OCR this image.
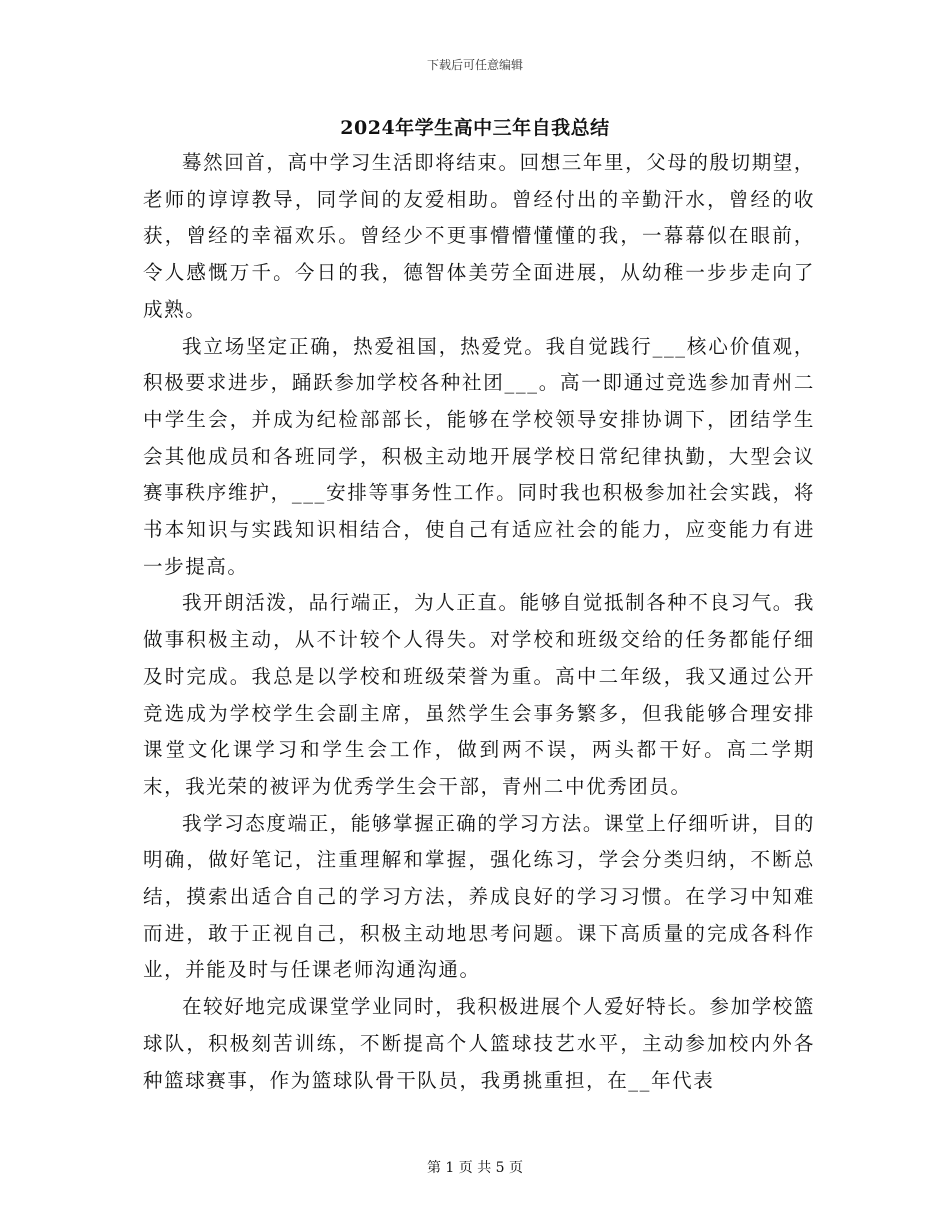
下载后可任意编辑
2024年学生高中三年自我总结

蓦然回首，高中学习生活即将结束。回想三年里，父母的殷切期望，老师的谆谆教导，同学间的友爱相助。曾经付出的辛勤汗水，曾经的收获，曾经的幸福欢乐。曾经少不更事懵懵懂懂的我，一幕幕似在眼前，令人感慨万千。今日的我，德智体美劳全面进展，从幼稚一步步走向了成熟。

我立场坚定正确，热爱祖国，热爱党。我自觉践行___核心价值观，积极要求进步，踊跃参加学校各种社团___。高一即通过竞选参加青州二中学生会，并成为纪检部部长，能够在学校领导安排协调下，团结学生会其他成员和各班同学，积极主动地开展学校日常纪律执勤，大型会议赛事秩序维护，___安排等事务性工作。同时我也积极参加社会实践，将书本知识与实践知识相结合，使自己有适应社会的能力，应变能力有进一步提高。

我开朗活泼，品行端正，为人正直。能够自觉抵制各种不良习气。我做事积极主动，从不计较个人得失。对学校和班级交给的任务都能仔细及时完成。我总是以学校和班级荣誉为重。高中二年级，我又通过公开竞选成为学校学生会副主席，虽然学生会事务繁多，但我能够合理安排课堂文化课学习和学生会工作，做到两不误，两头都干好。高二学期末，我光荣的被评为优秀学生会干部，青州二中优秀团员。

我学习态度端正，能够掌握正确的学习方法。课堂上仔细听讲，目的明确，做好笔记，注重理解和掌握，强化练习，学会分类归纳，不断总结，摸索出适合自己的学习方法，养成良好的学习习惯。在学习中知难而进，敢于正视自己，积极主动地思考问题。课下高质量的完成各科作业，并能及时与任课老师沟通沟通。

在较好地完成课堂学业同时，我积极进展个人爱好特长。参加学校篮球队，积极刻苦训练，不断提高个人篮球技艺水平，主动参加校内外各种篮球赛事，作为篮球队骨干队员，我勇挑重担，在__年代表

第 1 页 共 5 页
